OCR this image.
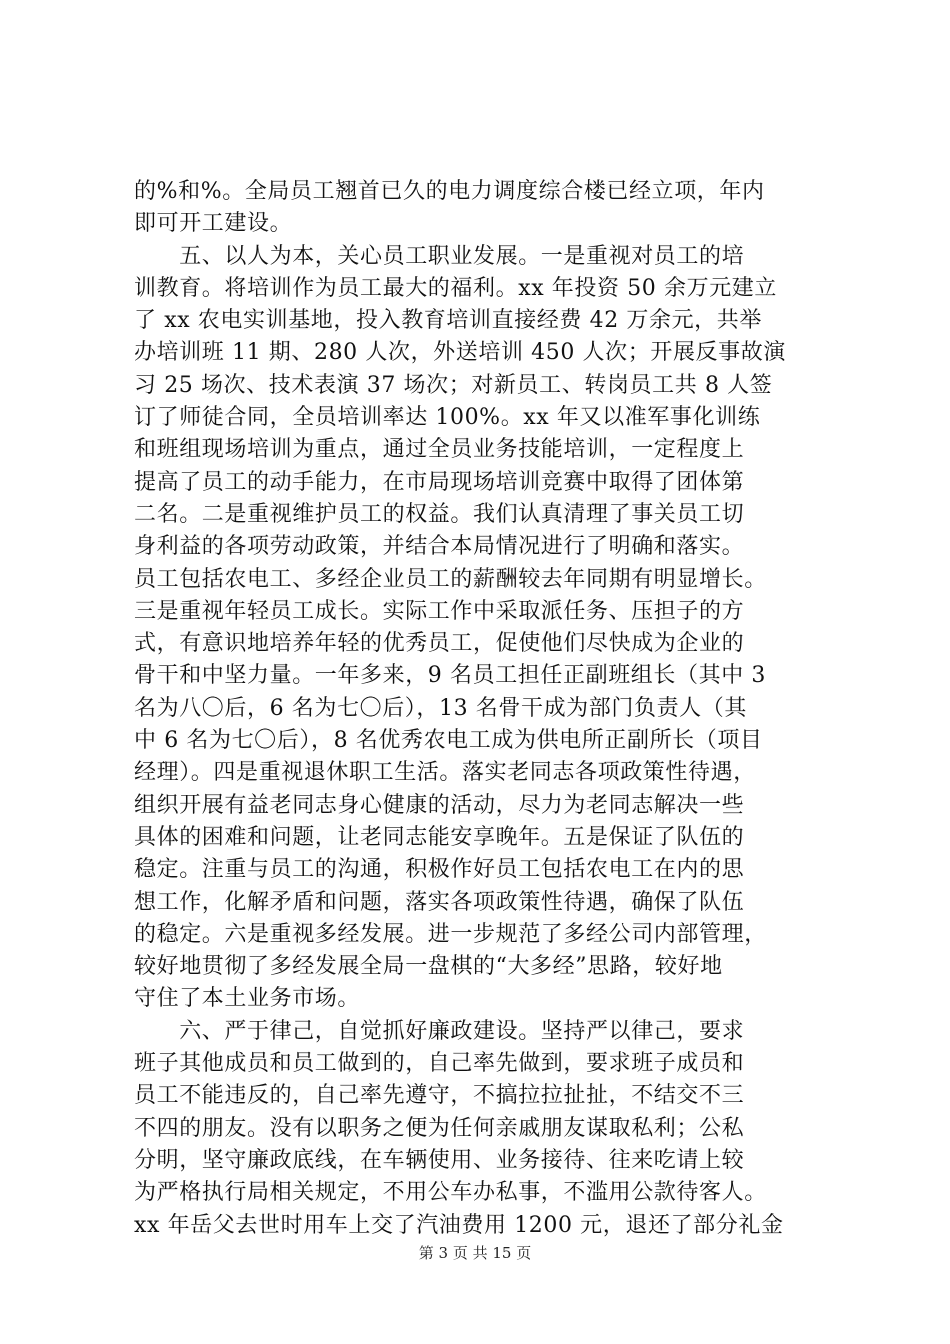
的%和%。全局员工翘首已久的电力调度综合楼已经立项，年内
即可开工建设。
　　五、以人为本，关心员工职业发展。一是重视对员工的培
训教育。将培训作为员工最大的福利。xx 年投资 50 余万元建立
了 xx 农电实训基地，投入教育培训直接经费 42 万余元，共举
办培训班 11 期、280 人次，外送培训 450 人次；开展反事故演
习 25 场次、技术表演 37 场次；对新员工、转岗员工共 8 人签
订了师徒合同，全员培训率达 100%。xx 年又以准军事化训练
和班组现场培训为重点，通过全员业务技能培训，一定程度上
提高了员工的动手能力，在市局现场培训竞赛中取得了团体第
二名。二是重视维护员工的权益。我们认真清理了事关员工切
身利益的各项劳动政策，并结合本局情况进行了明确和落实。
员工包括农电工、多经企业员工的薪酬较去年同期有明显增长。
三是重视年轻员工成长。实际工作中采取派任务、压担子的方
式，有意识地培养年轻的优秀员工，促使他们尽快成为企业的
骨干和中坚力量。一年多来，9 名员工担任正副班组长（其中 3
名为八〇后，6 名为七〇后），13 名骨干成为部门负责人（其
中 6 名为七〇后），8 名优秀农电工成为供电所正副所长（项目
经理）。四是重视退休职工生活。落实老同志各项政策性待遇，
组织开展有益老同志身心健康的活动，尽力为老同志解决一些
具体的困难和问题，让老同志能安享晚年。五是保证了队伍的
稳定。注重与员工的沟通，积极作好员工包括农电工在内的思
想工作，化解矛盾和问题，落实各项政策性待遇，确保了队伍
的稳定。六是重视多经发展。进一步规范了多经公司内部管理，
较好地贯彻了多经发展全局一盘棋的“大多经”思路，较好地
守住了本土业务市场。
　　六、严于律己，自觉抓好廉政建设。坚持严以律己，要求
班子其他成员和员工做到的，自己率先做到，要求班子成员和
员工不能违反的，自己率先遵守，不搞拉拉扯扯，不结交不三
不四的朋友。没有以职务之便为任何亲戚朋友谋取私利；公私
分明，坚守廉政底线，在车辆使用、业务接待、往来吃请上较
为严格执行局相关规定，不用公车办私事，不滥用公款待客人。
xx 年岳父去世时用车上交了汽油费用 1200 元，退还了部分礼金
第 3 页 共 15 页
